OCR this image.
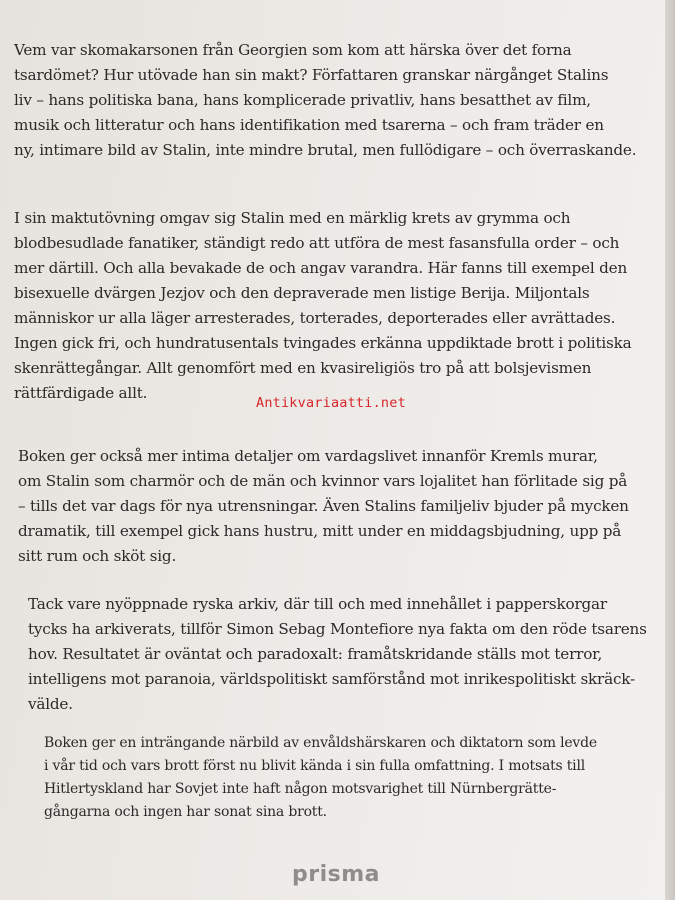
Vem var skomakarsonen från Georgien som kom att härska över det forna
tsardömet? Hur utövade han sin makt? Författaren granskar närgånget Stalins
liv – hans politiska bana, hans komplicerade privatliv, hans besatthet av film,
musik och litteratur och hans identifikation med tsarerna – och fram träder en
ny, intimare bild av Stalin, inte mindre brutal, men fullödigare – och överraskande.

I sin maktutövning omgav sig Stalin med en märklig krets av grymma och
blodbesudlade fanatiker, ständigt redo att utföra de mest fasansfulla order – och
mer därtill. Och alla bevakade de och angav varandra. Här fanns till exempel den
bisexuelle dvärgen Jezjov och den depraverade men listige Berija. Miljontals
människor ur alla läger arresterades, torterades, deporterades eller avrättades.
Ingen gick fri, och hundratusentals tvingades erkänna uppdiktade brott i politiska
skenrättegångar. Allt genomfört med en kvasireligiös tro på att bolsjevismen
rättfärdigade allt.

Antikvariaatti.net

Boken ger också mer intima detaljer om vardagslivet innanför Kremls murar,
om Stalin som charmör och de män och kvinnor vars lojalitet han förlitade sig på
– tills det var dags för nya utrensningar. Även Stalins familjeliv bjuder på mycken
dramatik, till exempel gick hans hustru, mitt under en middagsbjudning, upp på
sitt rum och sköt sig.

Tack vare nyöppnade ryska arkiv, där till och med innehållet i papperskorgar
tycks ha arkiverats, tillför Simon Sebag Montefiore nya fakta om den röde tsarens
hov. Resultatet är oväntat och paradoxalt: framåtskridande ställs mot terror,
intelligens mot paranoia, världspolitiskt samförstånd mot inrikespolitiskt skräck-
välde.

Boken ger en inträngande närbild av envåldshärskaren och diktatorn som levde
i vår tid och vars brott först nu blivit kända i sin fulla omfattning. I motsats till
Hitlertyskland har Sovjet inte haft någon motsvarighet till Nürnbergrätte-
gångarna och ingen har sonat sina brott.

prisma
